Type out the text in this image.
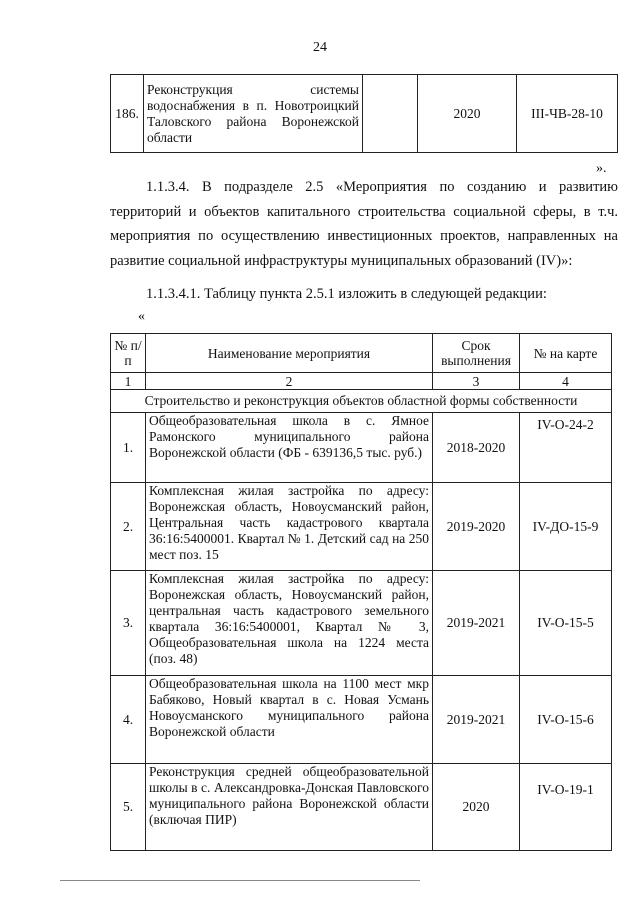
24
186.	Реконструкция системы водоснабжения в п. Новотроицкий Таловского района Воронежской области		2020	III-ЧВ-28-10
».
1.1.3.4. В подразделе 2.5 «Мероприятия по созданию и развитию территорий и объектов капитального строительства социальной сферы, в т.ч. мероприятия по осуществлению инвестиционных проектов, направленных на развитие социальной инфраструктуры муниципальных образований (IV)»:
1.1.3.4.1. Таблицу пункта 2.5.1 изложить в следующей редакции:
«
№ п/п	Наименование мероприятия	Срок выполнения	№ на карте
1	2	3	4
Строительство и реконструкция объектов областной формы собственности			
1.	Общеобразовательная школа в с. Ямное Рамонского муниципального района Воронежской области (ФБ - 639136,5 тыс. руб.)	2018-2020	IV-О-24-2
2.	Комплексная жилая застройка по адресу: Воронежская область, Новоусманский район, Центральная часть кадастрового квартала 36:16:5400001. Квартал № 1. Детский сад на 250 мест поз. 15	2019-2020	IV-ДО-15-9
3.	Комплексная жилая застройка по адресу: Воронежская область, Новоусманский район, центральная часть кадастрового земельного квартала 36:16:5400001, Квартал № 3, Общеобразовательная школа на 1224 места (поз. 48)	2019-2021	IV-О-15-5
4.	Общеобразовательная школа на 1100 мест мкр Бабяково, Новый квартал в с. Новая Усмань Новоусманского муниципального района Воронежской области	2019-2021	IV-О-15-6
5.	Реконструкция средней общеобразовательной школы в с. Александровка-Донская Павловского муниципального района Воронежской области (включая ПИР)	2020	IV-О-19-1
